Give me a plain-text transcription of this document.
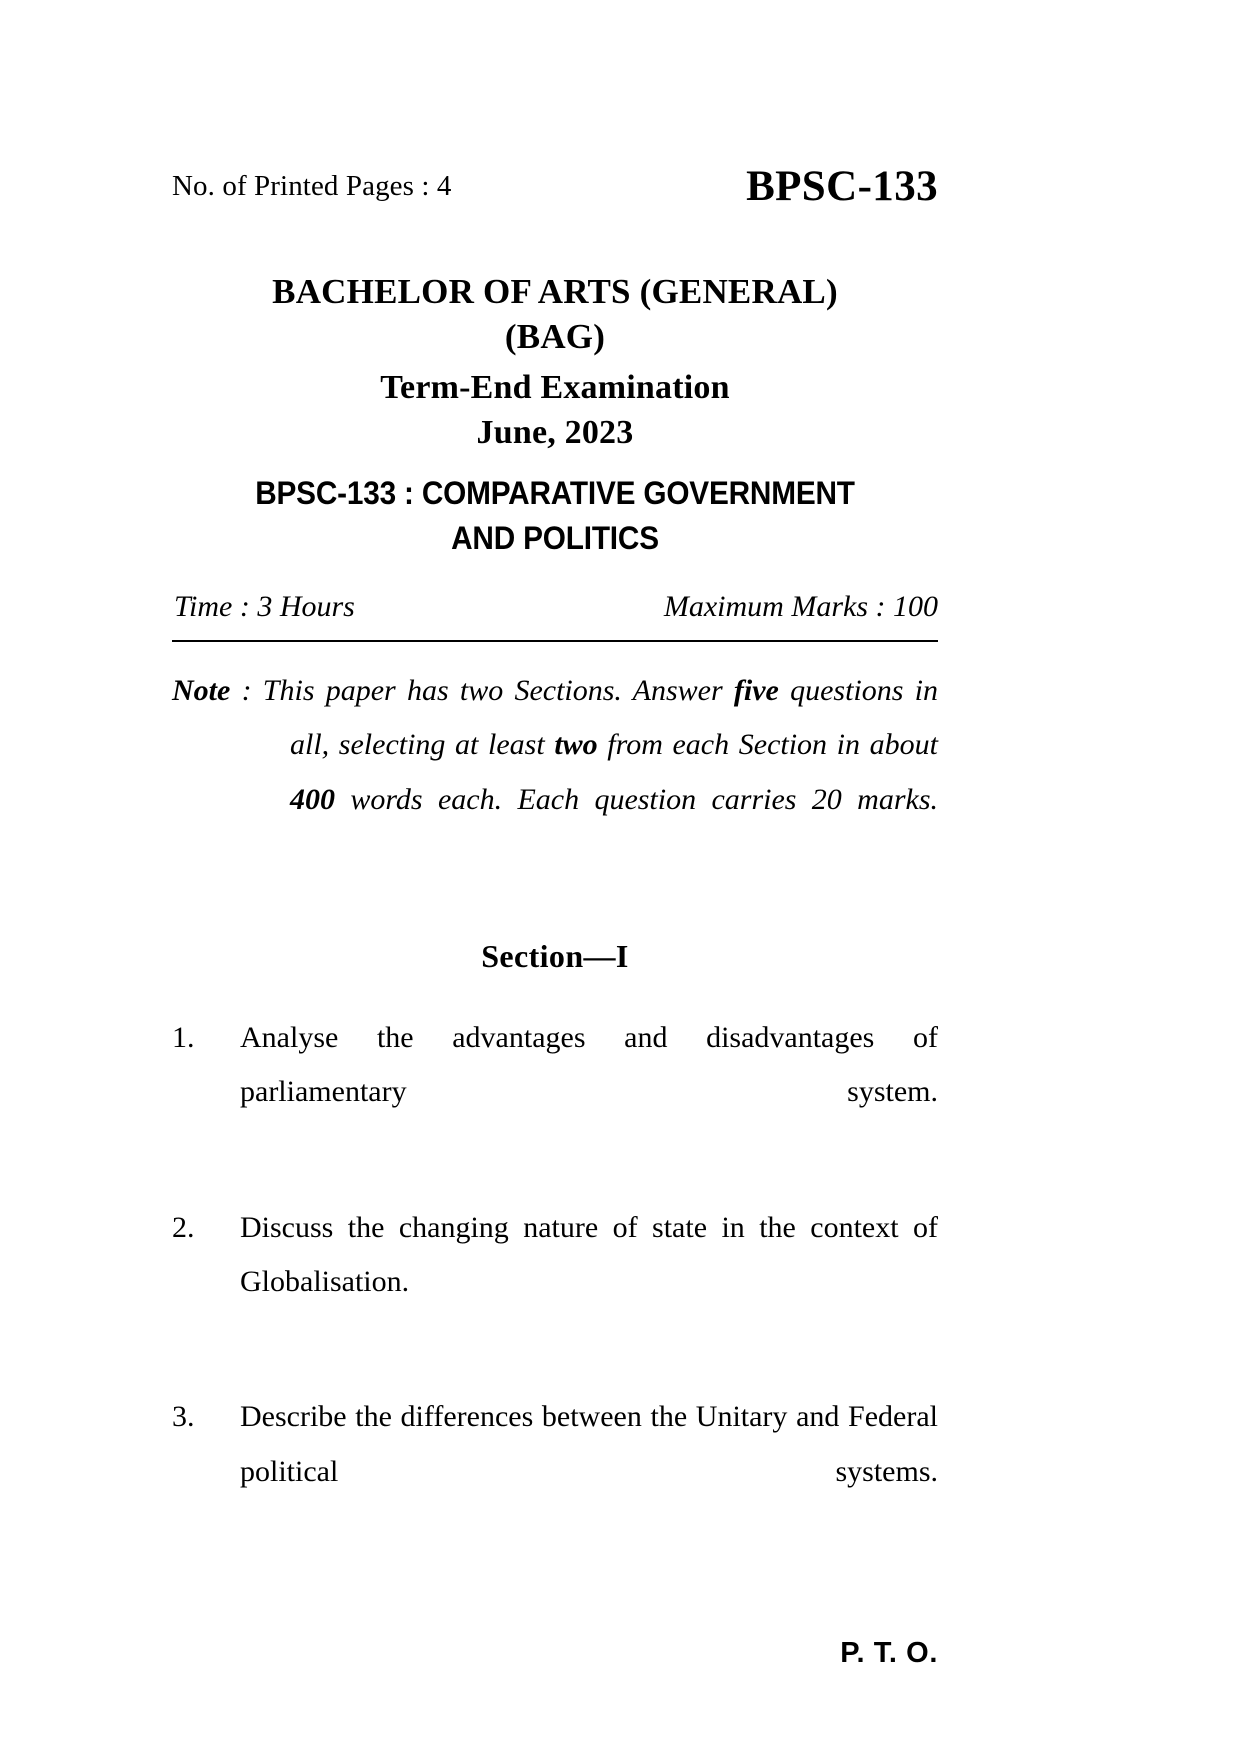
No. of Printed Pages : 4	BPSC-133
BACHELOR OF ARTS (GENERAL)
(BAG)
Term-End Examination
June, 2023
BPSC-133 : COMPARATIVE GOVERNMENT
AND POLITICS
Time : 3 Hours	Maximum Marks : 100

Note : This paper has two Sections. Answer five questions in all, selecting at least two from each Section in about 400 words each. Each question carries 20 marks.

Section—I
1.	Analyse the advantages and disadvantages of parliamentary system.
2.	Discuss the changing nature of state in the context of Globalisation.
3.	Describe the differences between the Unitary and Federal political systems.
P. T. O.
